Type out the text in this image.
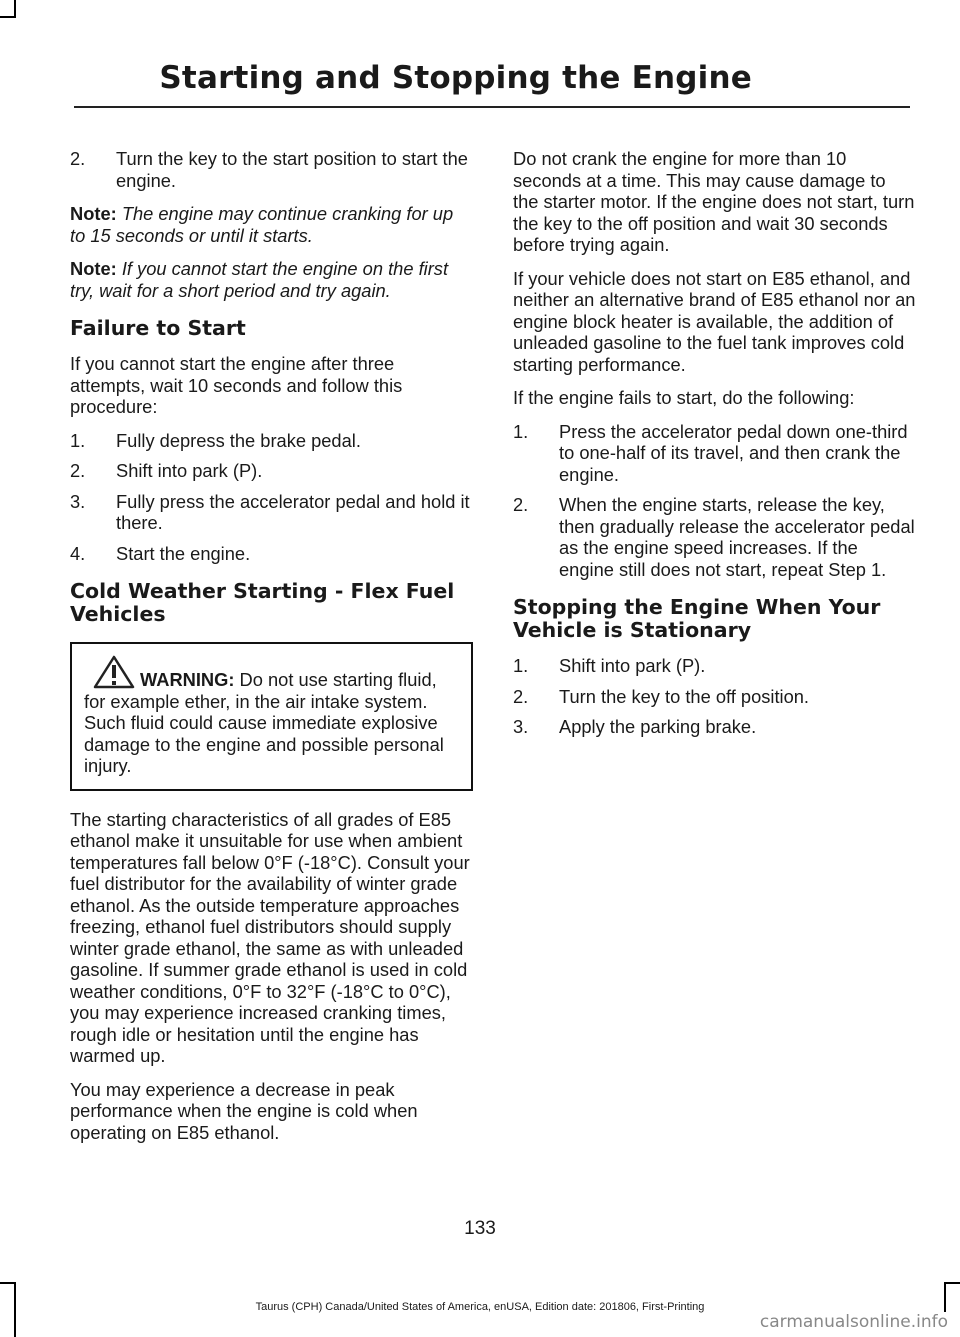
Starting and Stopping the Engine
2. Turn the key to the start position to start the engine.

Note: The engine may continue cranking for up to 15 seconds or until it starts.

Note: If you cannot start the engine on the first try, wait for a short period and try again.

Failure to Start

If you cannot start the engine after three attempts, wait 10 seconds and follow this procedure:

1. Fully depress the brake pedal.
2. Shift into park (P).
3. Fully press the accelerator pedal and hold it there.
4. Start the engine.
Cold Weather Starting - Flex Fuel Vehicles
WARNING: Do not use starting fluid, for example ether, in the air intake system. Such fluid could cause immediate explosive damage to the engine and possible personal injury.

The starting characteristics of all grades of E85 ethanol make it unsuitable for use when ambient temperatures fall below 0°F (-18°C). Consult your fuel distributor for the availability of winter grade ethanol. As the outside temperature approaches freezing, ethanol fuel distributors should supply winter grade ethanol, the same as with unleaded gasoline. If summer grade ethanol is used in cold weather conditions, 0°F to 32°F (-18°C to 0°C), you may experience increased cranking times, rough idle or hesitation until the engine has warmed up.

You may experience a decrease in peak performance when the engine is cold when operating on E85 ethanol.

Do not crank the engine for more than 10 seconds at a time. This may cause damage to the starter motor. If the engine does not start, turn the key to the off position and wait 30 seconds before trying again.

If your vehicle does not start on E85 ethanol, and neither an alternative brand of E85 ethanol nor an engine block heater is available, the addition of unleaded gasoline to the fuel tank improves cold starting performance.

If the engine fails to start, do the following:

1. Press the accelerator pedal down one-third to one-half of its travel, and then crank the engine.
2. When the engine starts, release the key, then gradually release the accelerator pedal as the engine speed increases. If the engine still does not start, repeat Step 1.
Stopping the Engine When Your Vehicle is Stationary
1. Shift into park (P).
2. Turn the key to the off position.
3. Apply the parking brake.
133
Taurus (CPH) Canada/United States of America, enUSA, Edition date: 201806, First-Printing
carmanualsonline.info
